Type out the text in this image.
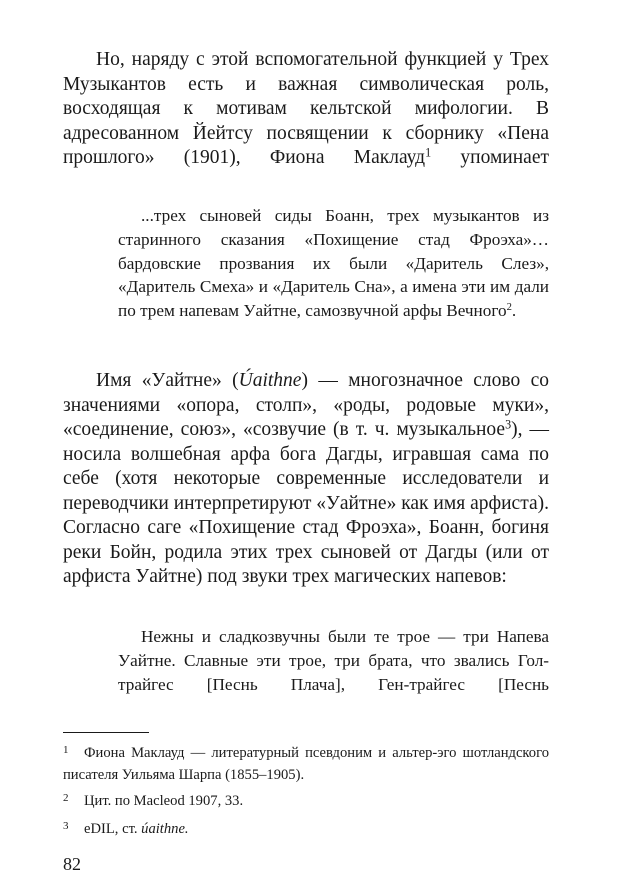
Но, наряду с этой вспомогательной функцией у Трех Музыкантов есть и важная символическая роль, восходящая к мотивам кельтской мифологии. В адресованном Йейтсу посвящении к сборнику «Пена прошлого» (1901), Фиона Маклауд$^1$ упоминает

...трех сыновей сиды Боанн, трех музыкантов из старинного сказания «Похищение стад Фроэха»… бардовские прозвания их были «Даритель Слез», «Даритель Смеха» и «Даритель Сна», а имена эти им дали по трем напевам Уайтне, самозвучной арфы Вечного$^2$.

Имя «Уайтне» (Úaithne) — многозначное слово со значениями «опора, столп», «роды, родовые муки», «соединение, союз», «созвучие (в т. ч. музыкальное$^3$), — носила волшебная арфа бога Дагды, игравшая сама по себе (хотя некоторые современные исследователи и переводчики интерпретируют «Уайтне» как имя арфиста). Согласно саге «Похищение стад Фроэха», Боанн, богиня реки Бойн, родила этих трех сыновей от Дагды (или от арфиста Уайтне) под звуки трех магических напевов:

Нежны и сладкозвучны были те трое — три Напева Уайтне. Славные эти трое, три брата, что звались Гол-трайгес [Песнь Плача], Ген-трайгес [Песнь

1 Фиона Маклауд — литературный псевдоним и альтер-эго шотландского писателя Уильяма Шарпа (1855–1905).

2 Цит. по Macleod 1907, 33.

3 eDIL, ст. úaithne.

82
